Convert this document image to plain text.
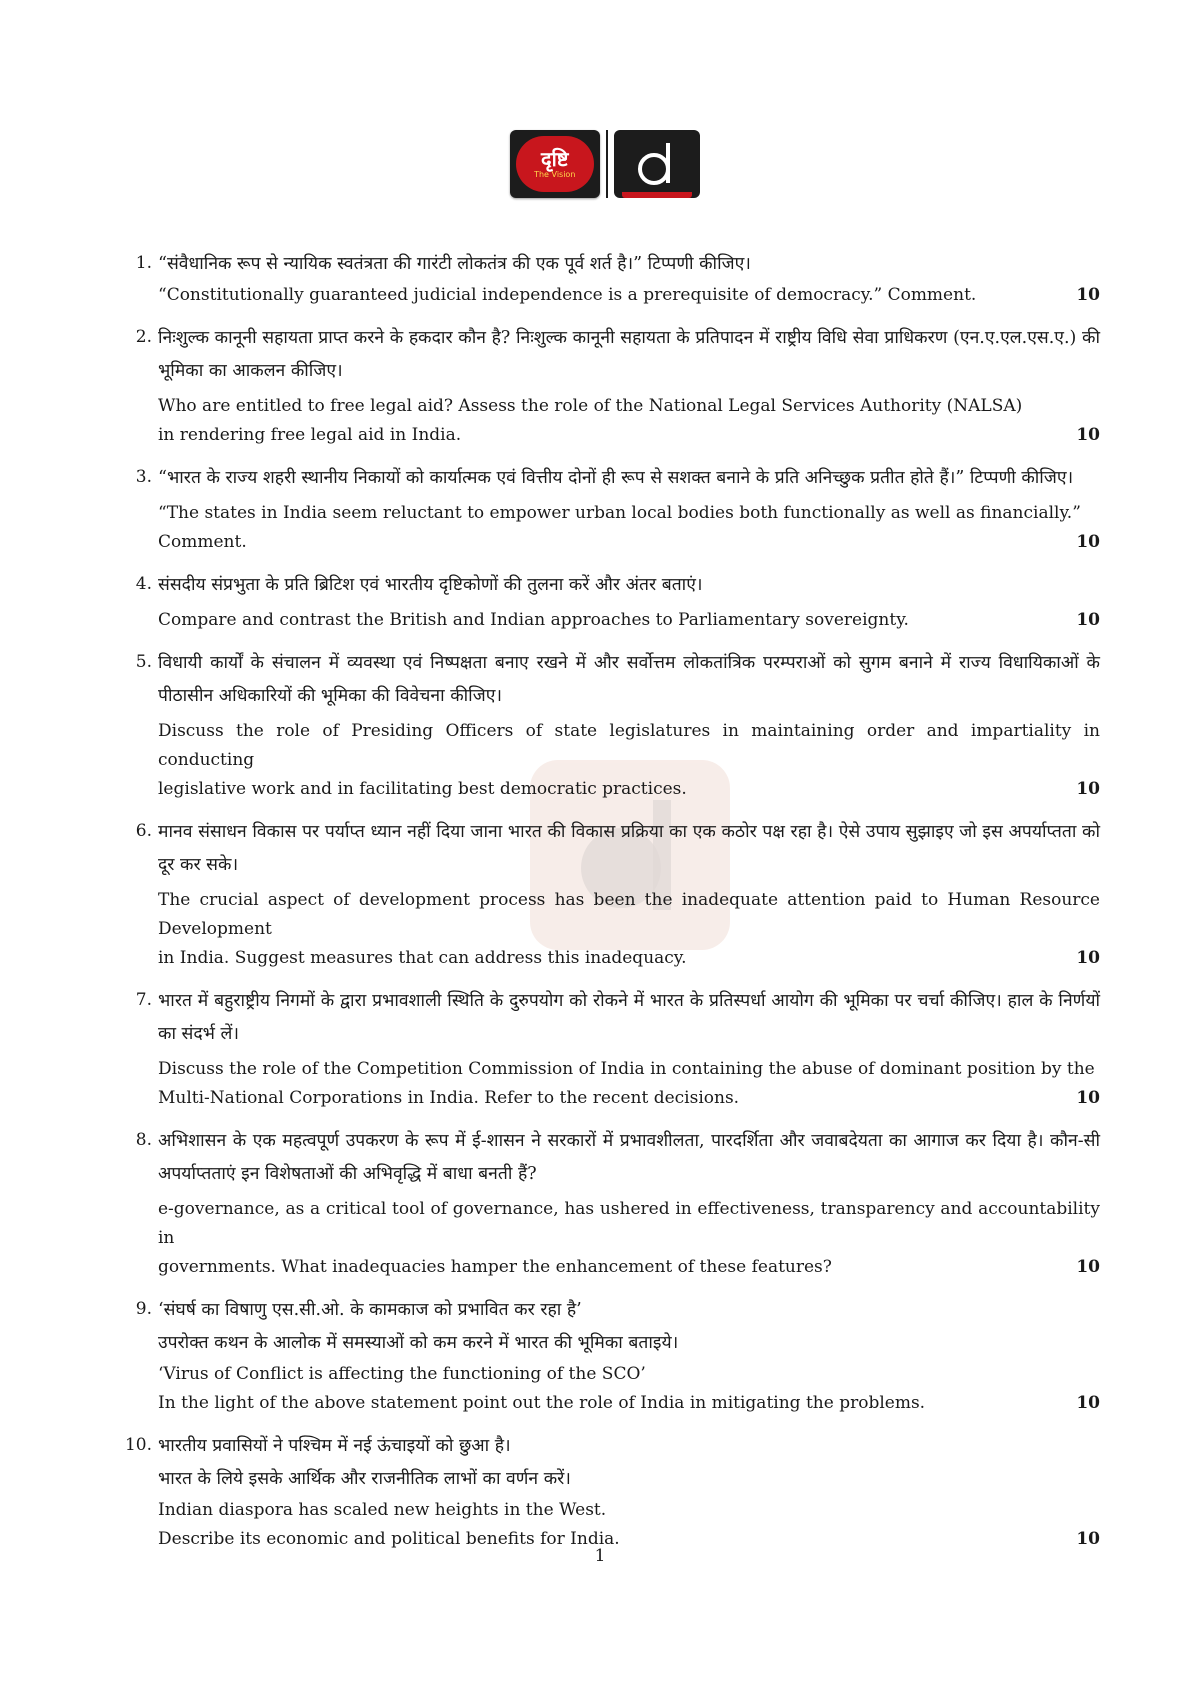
दृष्टि
The Vision
1. “संवैधानिक रूप से न्यायिक स्वतंत्रता की गारंटी लोकतंत्र की एक पूर्व शर्त है।” टिप्पणी कीजिए।

“Constitutionally guaranteed judicial independence is a prerequisite of democracy.” Comment.	10

2. निःशुल्क कानूनी सहायता प्राप्त करने के हकदार कौन है? निःशुल्क कानूनी सहायता के प्रतिपादन में राष्ट्रीय विधि सेवा प्राधिकरण (एन.ए.एल.एस.ए.) की भूमिका का आकलन कीजिए।

Who are entitled to free legal aid? Assess the role of the National Legal Services Authority (NALSA)
in rendering free legal aid in India.	10

3. “भारत के राज्य शहरी स्थानीय निकायों को कार्यात्मक एवं वित्तीय दोनों ही रूप से सशक्त बनाने के प्रति अनिच्छुक प्रतीत होते हैं।” टिप्पणी कीजिए।

“The states in India seem reluctant to empower urban local bodies both functionally as well as financially.”
Comment.	10

4. संसदीय संप्रभुता के प्रति ब्रिटिश एवं भारतीय दृष्टिकोणों की तुलना करें और अंतर बताएं।

Compare and contrast the British and Indian approaches to Parliamentary sovereignty.	10

5. विधायी कार्यों के संचालन में व्यवस्था एवं निष्पक्षता बनाए रखने में और सर्वोत्तम लोकतांत्रिक परम्पराओं को सुगम बनाने में राज्य विधायिकाओं के पीठासीन अधिकारियों की भूमिका की विवेचना कीजिए।

Discuss the role of Presiding Officers of state legislatures in maintaining order and impartiality in conducting
legislative work and in facilitating best democratic practices.	10

6. मानव संसाधन विकास पर पर्याप्त ध्यान नहीं दिया जाना भारत की विकास प्रक्रिया का एक कठोर पक्ष रहा है। ऐसे उपाय सुझाइए जो इस अपर्याप्तता को दूर कर सके।

The crucial aspect of development process has been the inadequate attention paid to Human Resource Development
in India. Suggest measures that can address this inadequacy.	10

7. भारत में बहुराष्ट्रीय निगमों के द्वारा प्रभावशाली स्थिति के दुरुपयोग को रोकने में भारत के प्रतिस्पर्धा आयोग की भूमिका पर चर्चा कीजिए। हाल के निर्णयों का संदर्भ लें।

Discuss the role of the Competition Commission of India in containing the abuse of dominant position by the
Multi-National Corporations in India. Refer to the recent decisions.	10

8. अभिशासन के एक महत्वपूर्ण उपकरण के रूप में ई-शासन ने सरकारों में प्रभावशीलता, पारदर्शिता और जवाबदेयता का आगाज कर दिया है। कौन-सी अपर्याप्तताएं इन विशेषताओं की अभिवृद्धि में बाधा बनती हैं?

e-governance, as a critical tool of governance, has ushered in effectiveness, transparency and accountability in
governments. What inadequacies hamper the enhancement of these features?	10

9. ‘संघर्ष का विषाणु एस.सी.ओ. के कामकाज को प्रभावित कर रहा है’
उपरोक्त कथन के आलोक में समस्याओं को कम करने में भारत की भूमिका बताइये।

‘Virus of Conflict is affecting the functioning of the SCO’
In the light of the above statement point out the role of India in mitigating the problems.	10

10. भारतीय प्रवासियों ने पश्चिम में नई ऊंचाइयों को छुआ है।
भारत के लिये इसके आर्थिक और राजनीतिक लाभों का वर्णन करें।

Indian diaspora has scaled new heights in the West.
Describe its economic and political benefits for India.	10

1
